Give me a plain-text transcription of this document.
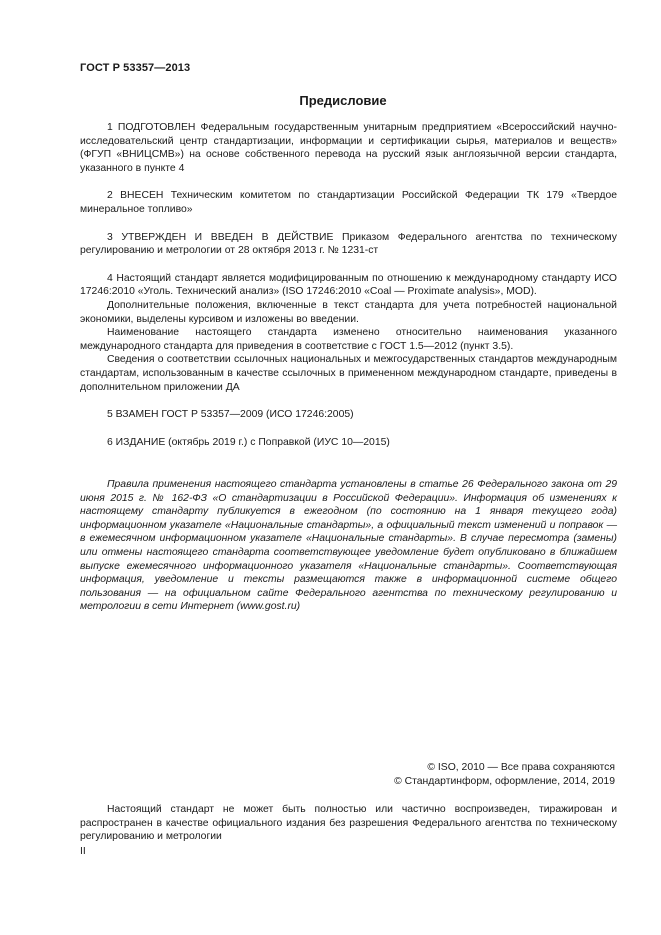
ГОСТ Р 53357—2013
Предисловие

1 ПОДГОТОВЛЕН Федеральным государственным унитарным предприятием «Всероссийский научно-исследовательский центр стандартизации, информации и сертификации сырья, материалов и веществ» (ФГУП «ВНИЦСМВ») на основе собственного перевода на русский язык англоязычной версии стандарта, указанного в пункте 4

2 ВНЕСЕН Техническим комитетом по стандартизации Российской Федерации ТК 179 «Твердое минеральное топливо»

3 УТВЕРЖДЕН И ВВЕДЕН В ДЕЙСТВИЕ Приказом Федерального агентства по техническому регулированию и метрологии от 28 октября 2013 г. № 1231-ст

4 Настоящий стандарт является модифицированным по отношению к международному стандарту ИСО 17246:2010 «Уголь. Технический анализ» (ISO 17246:2010 «Coal — Proximate analysis», MOD).

Дополнительные положения, включенные в текст стандарта для учета потребностей национальной экономики, выделены курсивом и изложены во введении.

Наименование настоящего стандарта изменено относительно наименования указанного международного стандарта для приведения в соответствие с ГОСТ 1.5—2012 (пункт 3.5).

Сведения о соответствии ссылочных национальных и межгосударственных стандартов международным стандартам, использованным в качестве ссылочных в примененном международном стандарте, приведены в дополнительном приложении ДА

5 ВЗАМЕН ГОСТ Р 53357—2009 (ИСО 17246:2005)

6 ИЗДАНИЕ (октябрь 2019 г.) с Поправкой (ИУС 10—2015)

Правила применения настоящего стандарта установлены в статье 26 Федерального закона от 29 июня 2015 г. № 162-ФЗ «О стандартизации в Российской Федерации». Информация об изменениях к настоящему стандарту публикуется в ежегодном (по состоянию на 1 января текущего года) информационном указателе «Национальные стандарты», а официальный текст изменений и поправок — в ежемесячном информационном указателе «Национальные стандарты». В случае пересмотра (замены) или отмены настоящего стандарта соответствующее уведомление будет опубликовано в ближайшем выпуске ежемесячного информационного указателя «Национальные стандарты». Соответствующая информация, уведомление и тексты размещаются также в информационной системе общего пользования — на официальном сайте Федерального агентства по техническому регулированию и метрологии в сети Интернет (www.gost.ru)

© ISO, 2010 — Все права сохраняются
© Стандартинформ, оформление, 2014, 2019

Настоящий стандарт не может быть полностью или частично воспроизведен, тиражирован и распространен в качестве официального издания без разрешения Федерального агентства по техническому регулированию и метрологии

II
